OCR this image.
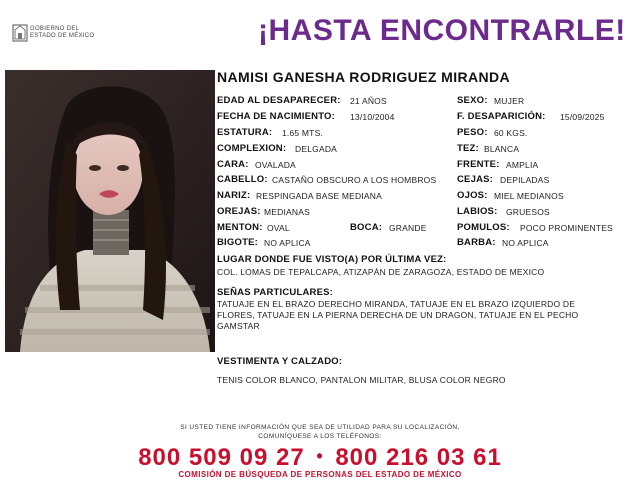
GOBIERNO DEL
ESTADO DE MÉXICO	¡HASTA ENCONTRARLE!
NAMISI GANESHA RODRIGUEZ MIRANDA
EDAD AL DESAPARECER: 21 AÑOS
FECHA DE NACIMIENTO: 13/10/2004
ESTATURA: 1.65 MTS.
COMPLEXION: DELGADA
CARA: OVALADA
CABELLO: CASTAÑO OBSCURO A LOS HOMBROS
NARIZ: RESPINGADA BASE MEDIANA
OREJAS: MEDIANAS
MENTON: OVAL	BOCA: GRANDE
BIGOTE: NO APLICA
SEXO: MUJER
F. DESAPARICIÓN: 15/09/2025
PESO: 60 KGS.
TEZ: BLANCA
FRENTE: AMPLIA
CEJAS: DEPILADAS
OJOS: MIEL MEDIANOS
LABIOS: GRUESOS
POMULOS: POCO PROMINENTES
BARBA: NO APLICA
LUGAR DONDE FUE VISTO(A) POR ÚLTIMA VEZ:
COL. LOMAS DE TEPALCAPA, ATIZAPÁN DE ZARAGOZA, ESTADO DE MEXICO
SEÑAS PARTICULARES:
TATUAJE EN EL BRAZO DERECHO MIRANDA, TATUAJE EN EL BRAZO IZQUIERDO DE FLORES, TATUAJE EN LA PIERNA DERECHA DE UN DRAGON, TATUAJE EN EL PECHO GAMSTAR
VESTIMENTA Y CALZADO:
TENIS COLOR BLANCO, PANTALON MILITAR, BLUSA COLOR NEGRO
SI USTED TIENE INFORMACIÓN QUE SEA DE UTILIDAD PARA SU LOCALIZACIÓN,
COMUNÍQUESE A LOS TELÉFONOS:
800 509 09 27 • 800 216 03 61
COMISIÓN DE BÚSQUEDA DE PERSONAS DEL ESTADO DE MÉXICO
